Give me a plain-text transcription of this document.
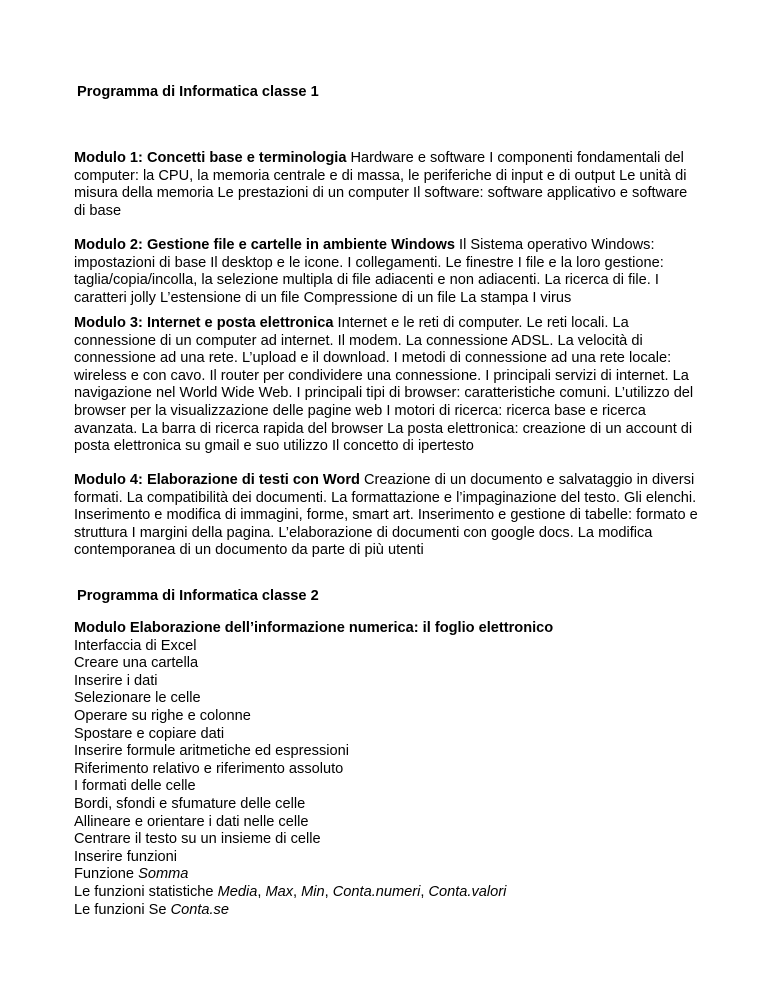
Programma di Informatica classe 1
Modulo 1: Concetti base e terminologia Hardware e software I componenti fondamentali del computer: la CPU, la memoria centrale e di massa, le periferiche di input e di output Le unità di misura della memoria Le prestazioni di un computer Il software: software applicativo e software di base
Modulo 2: Gestione file e cartelle in ambiente Windows Il Sistema operativo Windows: impostazioni di base Il desktop e le icone. I collegamenti. Le finestre I file e la loro gestione: taglia/copia/incolla, la selezione multipla di file adiacenti e non adiacenti. La ricerca di file. I caratteri jolly L’estensione di un file Compressione di un file La stampa I virus
Modulo 3: Internet e posta elettronica Internet e le reti di computer. Le reti locali. La connessione di un computer ad internet. Il modem. La connessione ADSL. La velocità di connessione ad una rete. L’upload e il download. I metodi di connessione ad una rete locale: wireless e con cavo. Il router per condividere una connessione. I principali servizi di internet. La navigazione nel World Wide Web. I principali tipi di browser: caratteristiche comuni. L’utilizzo del browser per la visualizzazione delle pagine web I motori di ricerca: ricerca base e ricerca avanzata. La barra di ricerca rapida del browser La posta elettronica: creazione di un account di posta elettronica su gmail e suo utilizzo Il concetto di ipertesto
Modulo 4: Elaborazione di testi con Word Creazione di un documento e salvataggio in diversi formati. La compatibilità dei documenti. La formattazione e l’impaginazione del testo. Gli elenchi. Inserimento e modifica di immagini, forme, smart art. Inserimento e gestione di tabelle: formato e struttura I margini della pagina. L’elaborazione di documenti con google docs. La modifica contemporanea di un documento da parte di più utenti
Programma di Informatica classe 2
Modulo Elaborazione dell’informazione numerica: il foglio elettronico
Interfaccia di Excel
Creare una cartella
Inserire i dati
Selezionare le celle
Operare su righe e colonne
Spostare e copiare dati
Inserire formule aritmetiche ed espressioni
Riferimento relativo e riferimento assoluto
I formati delle celle
Bordi, sfondi e sfumature delle celle
Allineare e orientare i dati nelle celle
Centrare il testo su un insieme di celle
Inserire funzioni
Funzione Somma
Le funzioni statistiche Media, Max, Min, Conta.numeri, Conta.valori
Le funzioni Se Conta.se
